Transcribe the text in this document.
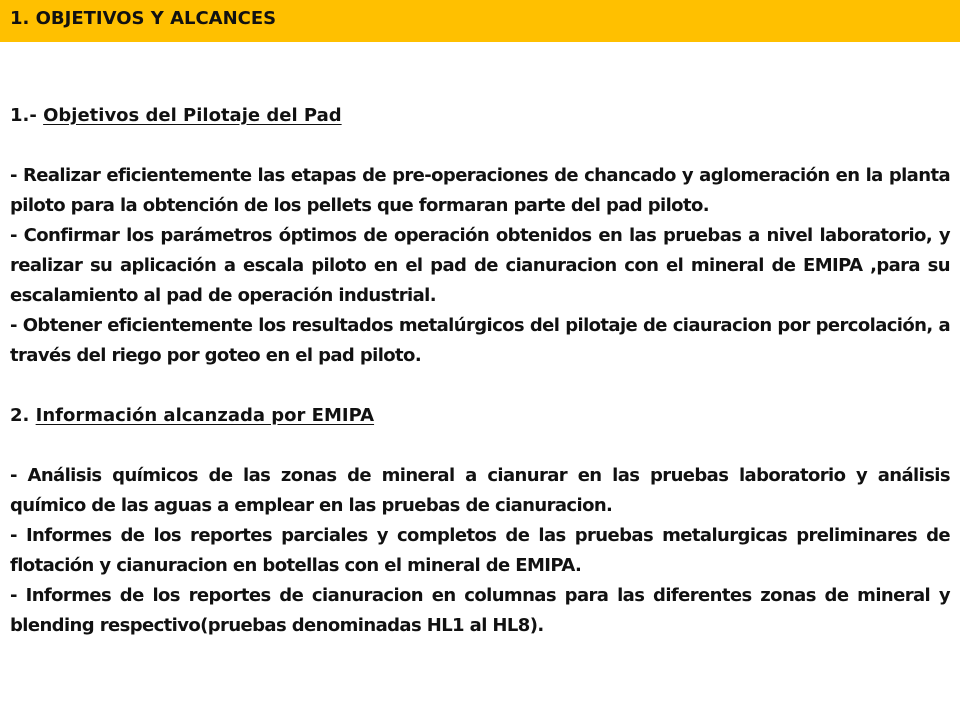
1. OBJETIVOS Y ALCANCES

1.- Objetivos del Pilotaje del Pad

- Realizar eficientemente las etapas de pre-operaciones de chancado y aglomeración en la planta piloto para la obtención de los pellets que formaran parte del pad piloto.

- Confirmar los parámetros óptimos de operación obtenidos en las pruebas a nivel laboratorio, y realizar su aplicación a escala piloto en el pad de cianuracion con el mineral de EMIPA ,para su escalamiento al pad de operación industrial.

- Obtener eficientemente los resultados metalúrgicos del pilotaje de ciauracion por percolación, a través del riego por goteo en el pad piloto.

2. Información alcanzada por EMIPA

- Análisis químicos de las zonas de mineral a cianurar en las pruebas laboratorio y análisis químico de las aguas a emplear en las pruebas de cianuracion.

- Informes de los reportes parciales y completos de las pruebas metalurgicas preliminares de flotación y cianuracion en botellas con el mineral de EMIPA.

- Informes de los reportes de cianuracion en columnas para las diferentes zonas de mineral y blending respectivo(pruebas denominadas HL1 al HL8).
